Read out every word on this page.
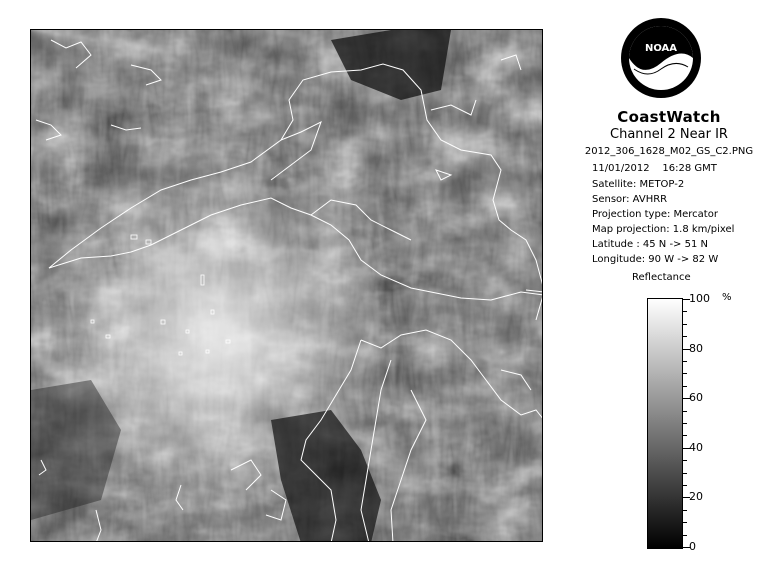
NOAA
CoastWatch
Channel 2 Near IR
2012_306_1628_M02_GS_C2.PNG
11/01/2012 16:28 GMT
Satellite: METOP-2
Sensor: AVHRR
Projection type: Mercator
Map projection: 1.8 km/pixel
Latitude : 45 N -> 51 N
Longitude: 90 W -> 82 W
Reflectance
%
100
80
60
40
20
0
